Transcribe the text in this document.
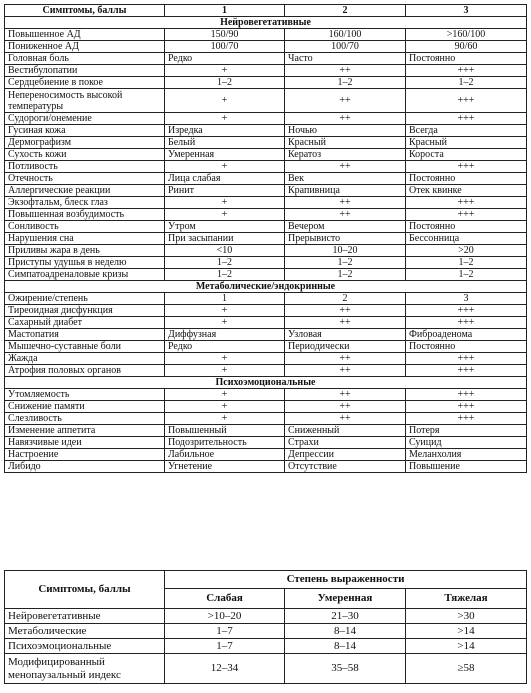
Симптомы, баллы	1	2	3
Нейровегетативные			
Повышенное АД	150/90	160/100	>160/100
Пониженное АД	100/70	100/70	90/60
Головная боль	Редко	Часто	Постоянно
Вестибулопатии	+	++	+++
Сердцебиение в покое	1–2	1–2	1–2
Непереносимость высокой температуры	+	++	+++
Судороги/онемение	+	++	+++
Гусиная кожа	Изредка	Ночью	Всегда
Дермографизм	Белый	Красный	Красный
Сухость кожи	Умеренная	Кератоз	Короста
Потливость	+	++	+++
Отечность	Лица слабая	Век	Постоянно
Аллергические реакции	Ринит	Крапивница	Отек квинке
Экзофтальм, блеск глаз	+	++	+++
Повышенная возбудимость	+	++	+++
Сонливость	Утром	Вечером	Постоянно
Нарушения сна	При засыпании	Прерывисто	Бессонница
Приливы жара в день	<10	10–20	>20
Приступы удушья в неделю	1–2	1–2	1–2
Симпатоадреналовые кризы	1–2	1–2	1–2
Метаболические/эндокринные			
Ожирение/степень	1	2	3
Тиреоидная дисфункция	+	++	+++
Сахарный диабет	+	++	+++
Мастопатия	Диффузная	Узловая	Фиброаденома
Мышечно-суставные боли	Редко	Периодически	Постоянно
Жажда	+	++	+++
Атрофия половых органов	+	++	+++
Психоэмоциональные			
Утомляемость	+	++	+++
Снижение памяти	+	++	+++
Слезливость	+	++	+++
Изменение аппетита	Повышенный	Сниженный	Потеря
Навязчивые идеи	Подозрительность	Страхи	Суицид
Настроение	Лабильное	Депрессии	Меланхолия
Либидо	Угнетение	Отсутствие	Повышение
Симптомы, баллы	Степень выраженности		
	Слабая	Умеренная	Тяжелая
Нейровегетативные	>10–20	21–30	>30
Метаболические	1–7	8–14	>14
Психоэмоциональные	1–7	8–14	>14
Модифицированный менопаузальный индекс	12–34	35–58	≥58
